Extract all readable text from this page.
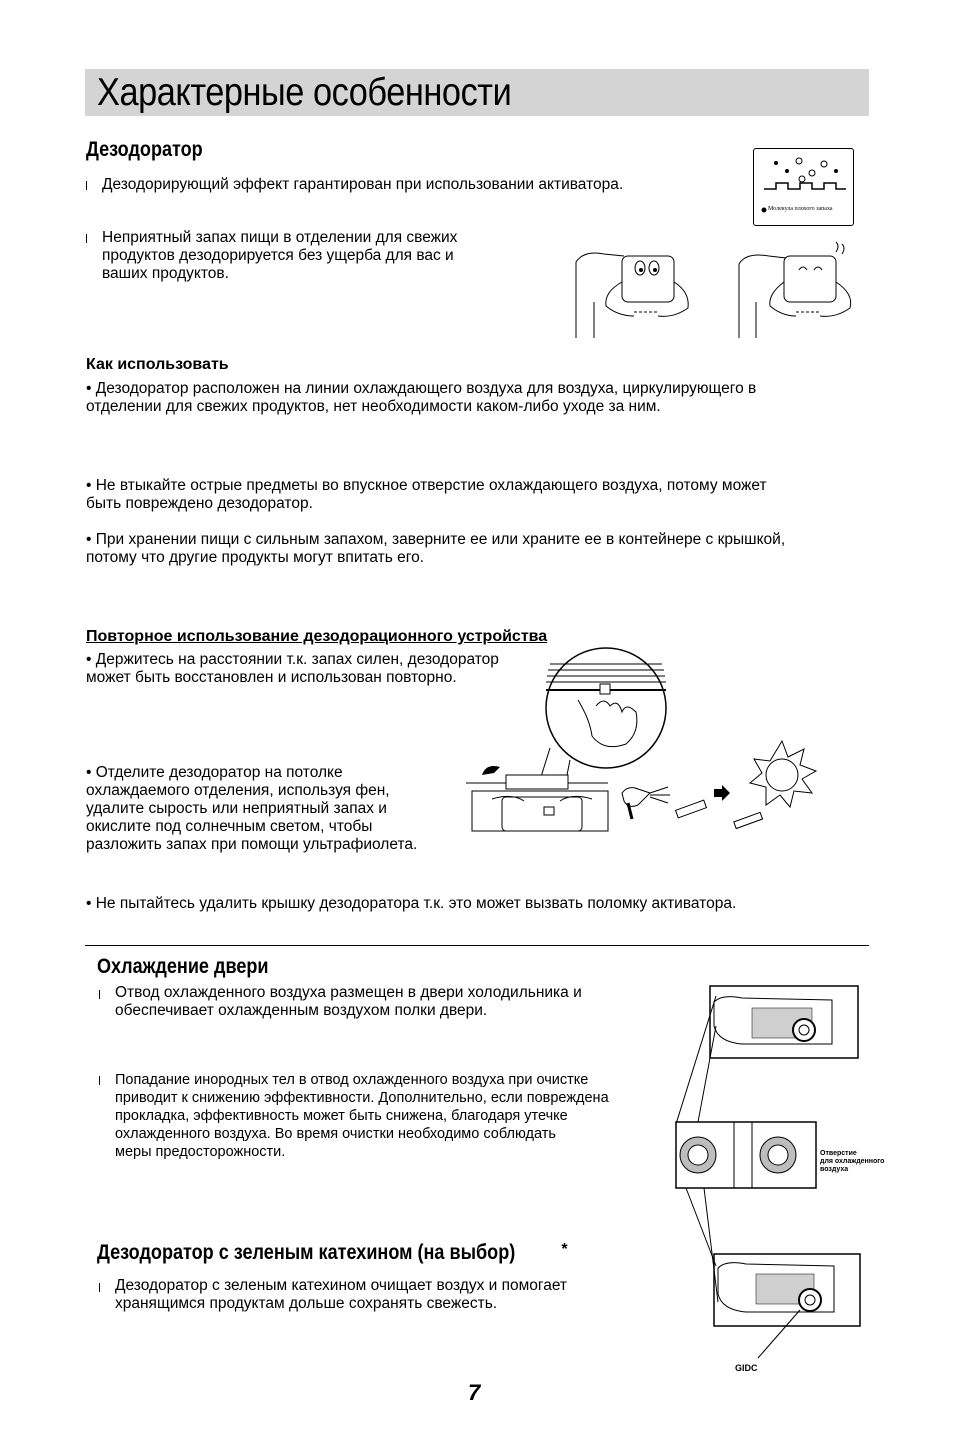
Характерные особенности
Дезодоратор
Дезодорирующий эффект гарантирован при использовании активатора.
Неприятный запах пищи в отделении для свежих
продуктов дезодорируется без ущерба для вас и
ваших продуктов.
Молекула плохого запаха
Как использовать
• Дезодоратор расположен на линии охлаждающего воздуха для воздуха, циркулирующего в
отделении для свежих продуктов, нет необходимости каком-либо уходе за ним.
• Не втыкайте острые предметы во впускное отверстие охлаждающего воздуха, потому может
быть повреждено дезодоратор.
• При хранении пищи с сильным запахом, заверните ее или храните ее в контейнере с крышкой,
потому что другие продукты могут впитать его.
Повторное использование дезодорационного устройства
• Держитесь на расстоянии т.к. запах силен, дезодоратор
может быть восстановлен и использован повторно.
• Отделите дезодоратор на потолке
охлаждаемого отделения, используя фен,
удалите сырость или неприятный запах и
окислите под солнечным светом, чтобы
разложить запах при помощи ультрафиолета.
• Не пытайтесь удалить крышку дезодоратора т.к. это может вызвать поломку активатора.
Охлаждение двери
Отвод охлажденного воздуха размещен в двери холодильника и
обеспечивает охлажденным воздухом полки двери.
Попадание инородных тел в отвод охлажденного воздуха при очистке
приводит к снижению эффективности. Дополнительно, если повреждена
прокладка, эффективность может быть снижена, благодаря утечке
охлажденного воздуха. Во время очистки необходимо соблюдать
меры предосторожности.	Отверстие
для охлажденного
воздуха
Дезодоратор с зеленым катехином (на выбор)	*
Дезодоратор с зеленым катехином очищает воздух и помогает
хранящимся продуктам дольше сохранять свежесть.
GIDC
7
